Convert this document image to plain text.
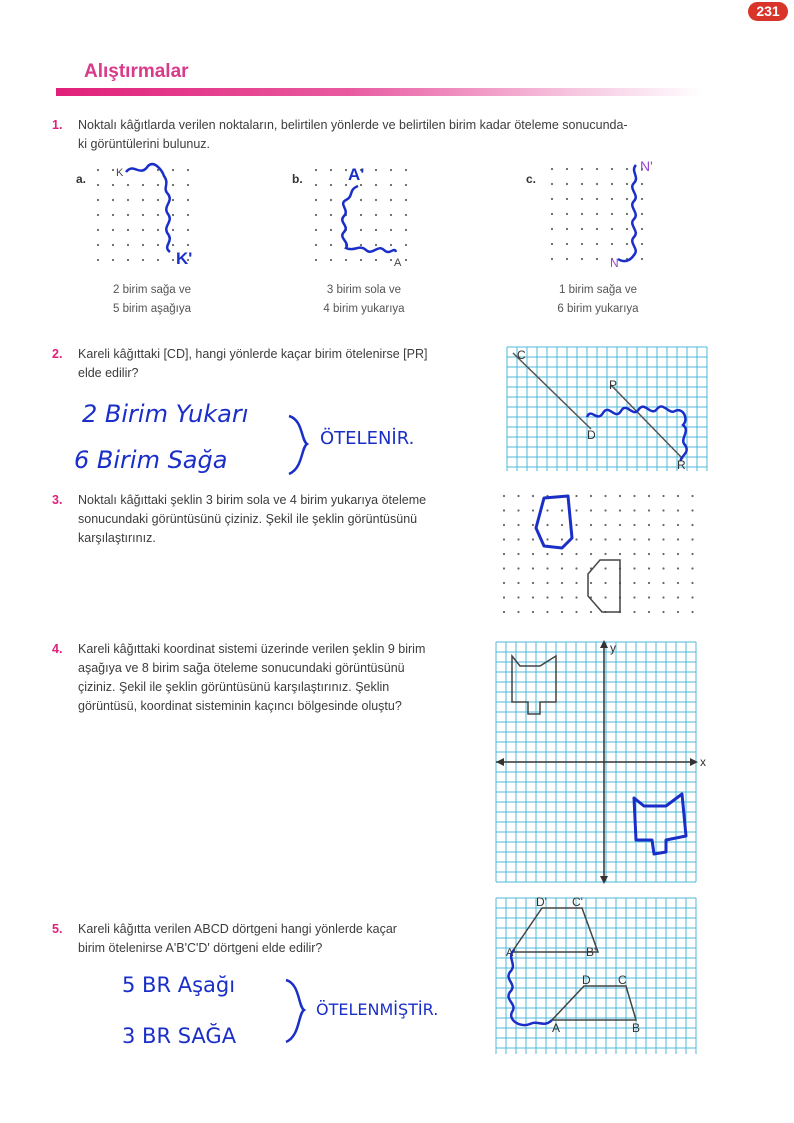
231
Alıştırmalar
1. Noktalı kâğıtlarda verilen noktaların, belirtilen yönlerde ve belirtilen birim kadar öteleme sonucunda-
ki görüntülerini bulunuz.
a.	K
K'
2 birim sağa ve
5 birim aşağıya
b.	A'
A
3 birim sola ve
4 birim yukarıya
c.
N'
N
1 birim sağa ve
6 birim yukarıya
2. Kareli kâğıttaki [CD], hangi yönlerde kaçar birim ötelenirse [PR]
elde edilir?
2 Birim Yukarı
6 Birim Sağa
ÖTELENİR.
C
P
D
R
3. Noktalı kâğıttaki şeklin 3 birim sola ve 4 birim yukarıya öteleme
sonucundaki görüntüsünü çiziniz. Şekil ile şeklin görüntüsünü
karşılaştırınız.
4. Kareli kâğıttaki koordinat sistemi üzerinde verilen şeklin 9 birim
aşağıya ve 8 birim sağa öteleme sonucundaki görüntüsünü
çiziniz. Şekil ile şeklin görüntüsünü karşılaştırınız. Şeklin
görüntüsü, koordinat sisteminin kaçıncı bölgesinde oluştu?
x
y
5. Kareli kâğıtta verilen ABCD dörtgeni hangi yönlerde kaçar
birim ötelenirse A'B'C'D' dörtgeni elde edilir?
5 BR Aşağı
3 BR SAĞA
ÖTELENMİŞTİR.
D' C'
A'	B'
D C
A	B
